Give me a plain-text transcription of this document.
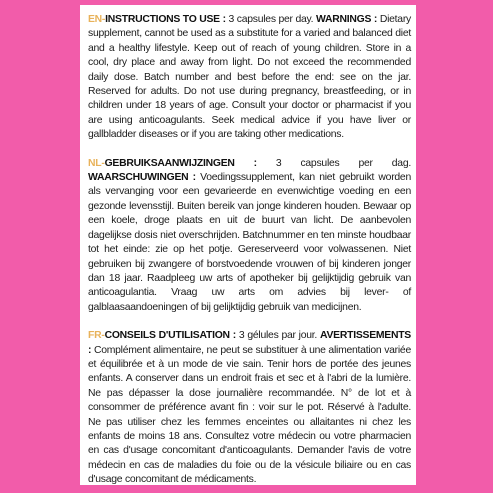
EN-INSTRUCTIONS TO USE : 3 capsules per day. WARNINGS : Dietary supplement, cannot be used as a substitute for a varied and balanced diet and a healthy lifestyle. Keep out of reach of young children. Store in a cool, dry place and away from light. Do not exceed the recommended daily dose. Batch number and best before the end: see on the jar. Reserved for adults. Do not use during pregnancy, breastfeeding, or in children under 18 years of age. Consult your doctor or pharmacist if you are using anticoagulants. Seek medical advice if you have liver or gallbladder diseases or if you are taking other medications.

NL-GEBRUIKSAANWIJZINGEN : 3 capsules per dag. WAARSCHUWINGEN : Voedingssupplement, kan niet gebruikt worden als vervanging voor een gevarieerde en evenwichtige voeding en een gezonde levensstijl. Buiten bereik van jonge kinderen houden. Bewaar op een koele, droge plaats en uit de buurt van licht. De aanbevolen dagelijkse dosis niet overschrijden. Batchnummer en ten minste houdbaar tot het einde: zie op het potje. Gereserveerd voor volwassenen. Niet gebruiken bij zwangere of borstvoedende vrouwen of bij kinderen jonger dan 18 jaar. Raadpleeg uw arts of apotheker bij gelijktijdig gebruik van anticoagulantia. Vraag uw arts om advies bij lever- of galblaasaandoeningen of bij gelijktijdig gebruik van medicijnen.

FR-CONSEILS D'UTILISATION : 3 gélules par jour. AVERTISSEMENTS : Complément alimentaire, ne peut se substituer à une alimentation variée et équilibrée et à un mode de vie sain. Tenir hors de portée des jeunes enfants. A conserver dans un endroit frais et sec et à l'abri de la lumière. Ne pas dépasser la dose journalière recommandée. N° de lot et à consommer de préférence avant fin : voir sur le pot. Réservé à l'adulte. Ne pas utiliser chez les femmes enceintes ou allaitantes ni chez les enfants de moins 18 ans. Consultez votre médecin ou votre pharmacien en cas d'usage concomitant d'anticoagulants. Demander l'avis de votre médecin en cas de maladies du foie ou de la vésicule biliaire ou en cas d'usage concomitant de médicaments.
